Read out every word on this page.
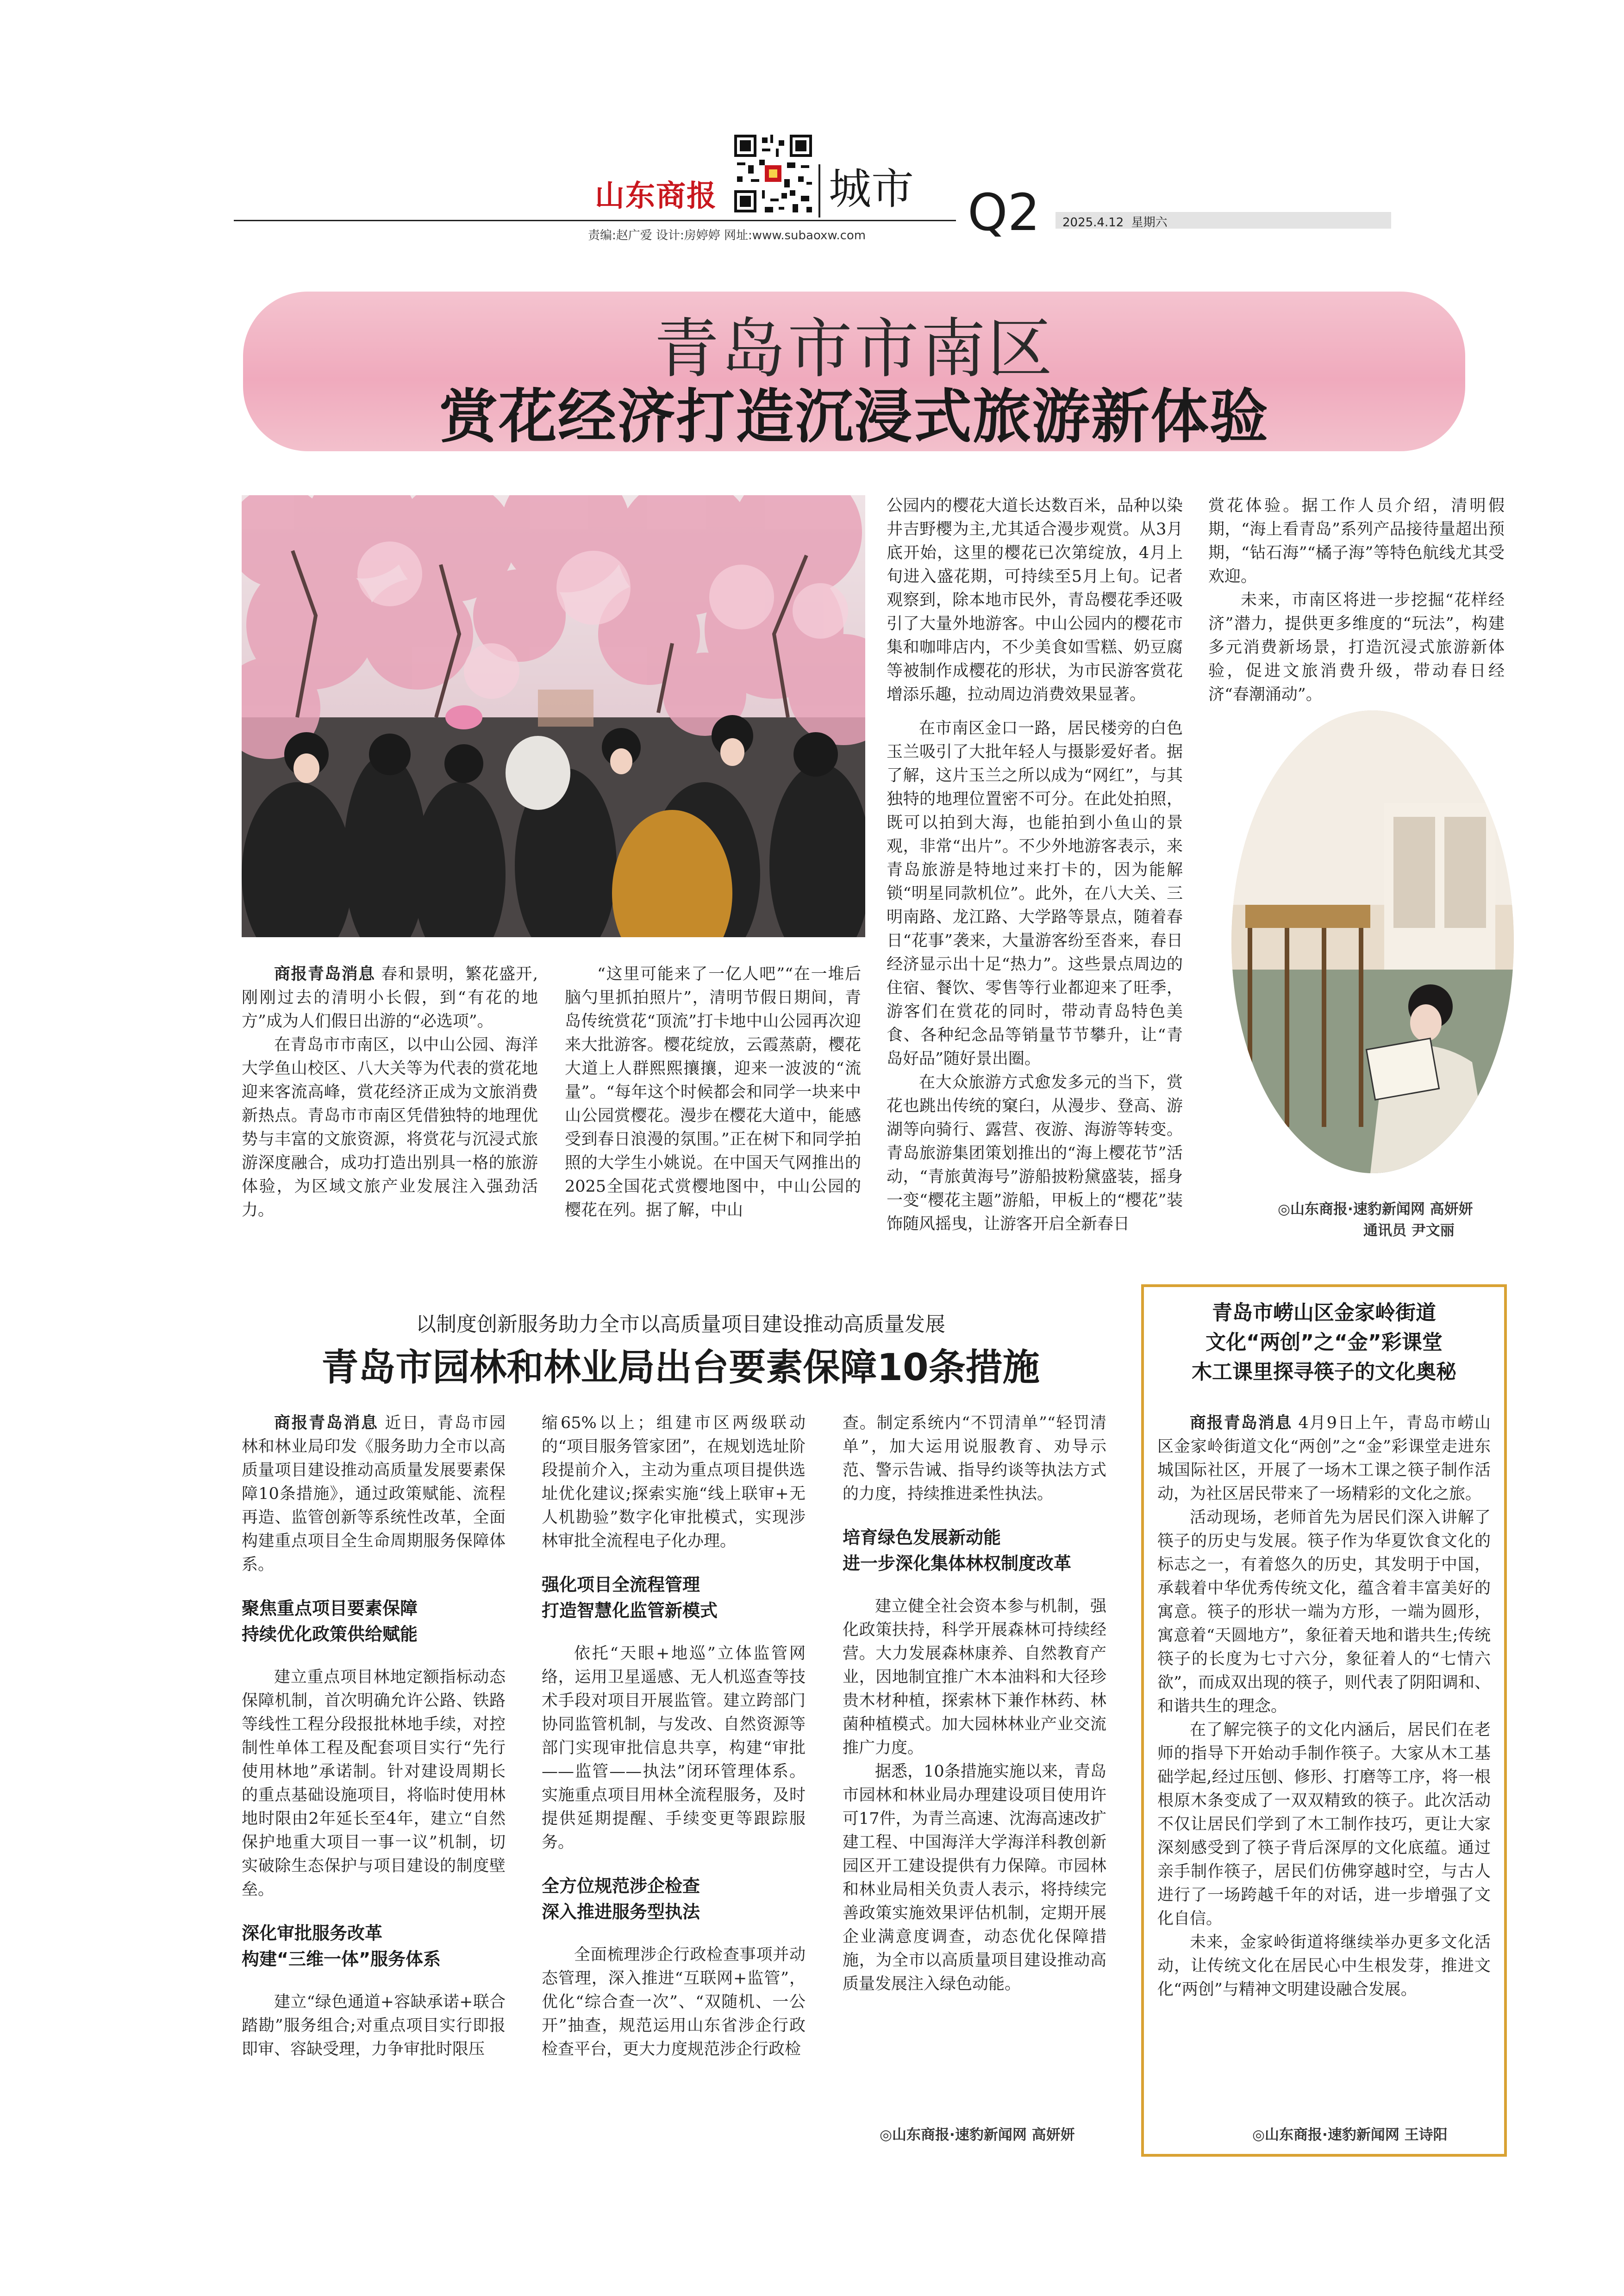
山东商报	城市
责编:赵广爱 设计:房婷婷 网址:www.subaoxw.com Q2 2025.4.12 星期六
青岛市市南区
赏花经济打造沉浸式旅游新体验

商报青岛消息 春和景明，繁花盛开,刚刚过去的清明小长假，到“有花的地方”成为人们假日出游的“必选项”。

在青岛市市南区，以中山公园、海洋大学鱼山校区、八大关等为代表的赏花地迎来客流高峰，赏花经济正成为文旅消费新热点。青岛市市南区凭借独特的地理优势与丰富的文旅资源，将赏花与沉浸式旅游深度融合，成功打造出别具一格的旅游体验，为区域文旅产业发展注入强劲活力。

“这里可能来了一亿人吧”“在一堆后脑勺里抓拍照片”，清明节假日期间，青岛传统赏花“顶流”打卡地中山公园再次迎来大批游客。樱花绽放，云霞蒸蔚，樱花大道上人群熙熙攘攘，迎来一波波的“流量”。“每年这个时候都会和同学一块来中山公园赏樱花。漫步在樱花大道中，能感受到春日浪漫的氛围。”正在树下和同学拍照的大学生小姚说。在中国天气网推出的2025全国花式赏樱地图中，中山公园的樱花在列。据了解，中山

公园内的樱花大道长达数百米，品种以染井吉野樱为主,尤其适合漫步观赏。从3月底开始，这里的樱花已次第绽放，4月上旬进入盛花期，可持续至5月上旬。记者观察到，除本地市民外，青岛樱花季还吸引了大量外地游客。中山公园内的樱花市集和咖啡店内，不少美食如雪糕、奶豆腐等被制作成樱花的形状，为市民游客赏花增添乐趣，拉动周边消费效果显著。

在市南区金口一路，居民楼旁的白色玉兰吸引了大批年轻人与摄影爱好者。据了解，这片玉兰之所以成为“网红”，与其独特的地理位置密不可分。在此处拍照，既可以拍到大海，也能拍到小鱼山的景观，非常“出片”。不少外地游客表示，来青岛旅游是特地过来打卡的，因为能解锁“明星同款机位”。此外，在八大关、三明南路、龙江路、大学路等景点，随着春日“花事”袭来，大量游客纷至沓来，春日经济显示出十足“热力”。这些景点周边的住宿、餐饮、零售等行业都迎来了旺季，游客们在赏花的同时，带动青岛特色美食、各种纪念品等销量节节攀升，让“青岛好品”随好景出圈。

在大众旅游方式愈发多元的当下，赏花也跳出传统的窠臼，从漫步、登高、游湖等向骑行、露营、夜游、海游等转变。青岛旅游集团策划推出的“海上樱花节”活动，“青旅黄海号”游船披粉黛盛装，摇身一变“樱花主题”游船，甲板上的“樱花”装饰随风摇曳，让游客开启全新春日

赏花体验。据工作人员介绍，清明假期，“海上看青岛”系列产品接待量超出预期，“钻石海”“橘子海”等特色航线尤其受欢迎。

未来，市南区将进一步挖掘“花样经济”潜力，提供更多维度的“玩法”，构建多元消费新场景，打造沉浸式旅游新体验，促进文旅消费升级，带动春日经济“春潮涌动”。

◎山东商报·速豹新闻网 高妍妍
通讯员 尹文丽
以制度创新服务助力全市以高质量项目建设推动高质量发展
青岛市园林和林业局出台要素保障10条措施

商报青岛消息 近日，青岛市园林和林业局印发《服务助力全市以高质量项目建设推动高质量发展要素保障10条措施》，通过政策赋能、流程再造、监管创新等系统性改革，全面构建重点项目全生命周期服务保障体系。

聚焦重点项目要素保障
持续优化政策供给赋能

建立重点项目林地定额指标动态保障机制，首次明确允许公路、铁路等线性工程分段报批林地手续，对控制性单体工程及配套项目实行“先行使用林地”承诺制。针对建设周期长的重点基础设施项目，将临时使用林地时限由2年延长至4年，建立“自然保护地重大项目一事一议”机制，切实破除生态保护与项目建设的制度壁垒。

深化审批服务改革
构建“三维一体”服务体系

建立“绿色通道+容缺承诺+联合踏勘”服务组合;对重点项目实行即报即审、容缺受理，力争审批时限压

缩65%以上；组建市区两级联动的“项目服务管家团”，在规划选址阶段提前介入，主动为重点项目提供选址优化建议;探索实施“线上联审+无人机勘验”数字化审批模式，实现涉林审批全流程电子化办理。

强化项目全流程管理
打造智慧化监管新模式

依托“天眼+地巡”立体监管网络，运用卫星遥感、无人机巡查等技术手段对项目开展监管。建立跨部门协同监管机制，与发改、自然资源等部门实现审批信息共享，构建“审批——监管——执法”闭环管理体系。实施重点项目用林全流程服务，及时提供延期提醒、手续变更等跟踪服务。

全方位规范涉企检查
深入推进服务型执法

全面梳理涉企行政检查事项并动态管理，深入推进“互联网+监管”，优化“综合查一次”、“双随机、一公开”抽查，规范运用山东省涉企行政检查平台，更大力度规范涉企行政检

查。制定系统内“不罚清单”“轻罚清单”，加大运用说服教育、劝导示范、警示告诫、指导约谈等执法方式的力度，持续推进柔性执法。

培育绿色发展新动能
进一步深化集体林权制度改革

建立健全社会资本参与机制，强化政策扶持，科学开展森林可持续经营。大力发展森林康养、自然教育产业，因地制宜推广木本油料和大径珍贵木材种植，探索林下兼作林药、林菌种植模式。加大园林林业产业交流推广力度。

据悉，10条措施实施以来，青岛市园林和林业局办理建设项目使用许可17件，为青兰高速、沈海高速改扩建工程、中国海洋大学海洋科教创新园区开工建设提供有力保障。市园林和林业局相关负责人表示，将持续完善政策实施效果评估机制，定期开展企业满意度调查，动态优化保障措施，为全市以高质量项目建设推动高质量发展注入绿色动能。

◎山东商报·速豹新闻网 高妍妍
青岛市崂山区金家岭街道
文化“两创”之“金”彩课堂
木工课里探寻筷子的文化奥秘

商报青岛消息 4月9日上午，青岛市崂山区金家岭街道文化“两创”之“金”彩课堂走进东城国际社区，开展了一场木工课之筷子制作活动，为社区居民带来了一场精彩的文化之旅。

活动现场，老师首先为居民们深入讲解了筷子的历史与发展。筷子作为华夏饮食文化的标志之一，有着悠久的历史，其发明于中国，承载着中华优秀传统文化，蕴含着丰富美好的寓意。筷子的形状一端为方形，一端为圆形，寓意着“天圆地方”，象征着天地和谐共生;传统筷子的长度为七寸六分，象征着人的“七情六欲”，而成双出现的筷子，则代表了阴阳调和、和谐共生的理念。

在了解完筷子的文化内涵后，居民们在老师的指导下开始动手制作筷子。大家从木工基础学起,经过压刨、修形、打磨等工序，将一根根原木条变成了一双双精致的筷子。此次活动不仅让居民们学到了木工制作技巧，更让大家深刻感受到了筷子背后深厚的文化底蕴。通过亲手制作筷子，居民们仿佛穿越时空，与古人进行了一场跨越千年的对话，进一步增强了文化自信。

未来，金家岭街道将继续举办更多文化活动，让传统文化在居民心中生根发芽，推进文化“两创”与精神文明建设融合发展。

◎山东商报·速豹新闻网 王诗阳
